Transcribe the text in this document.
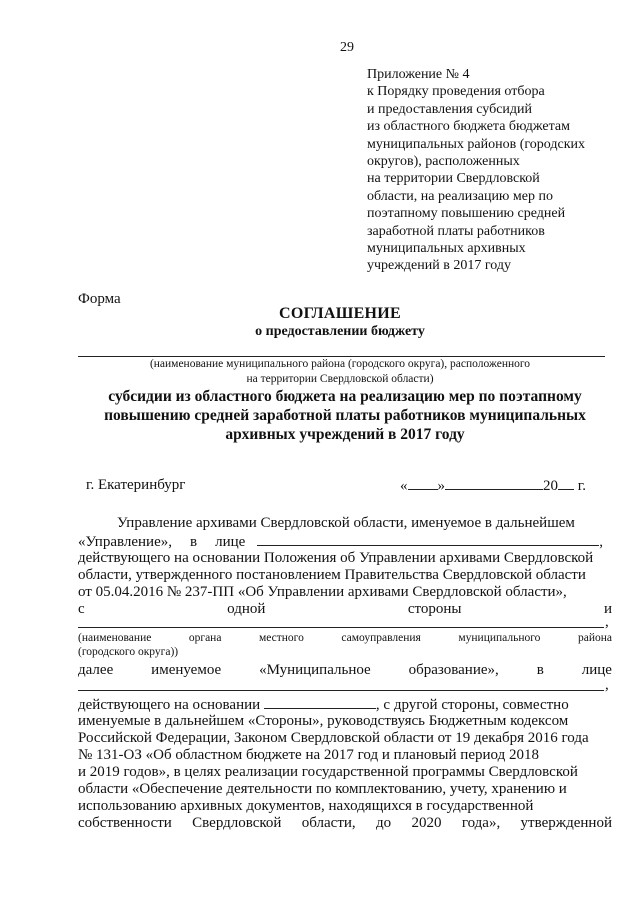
29
Приложение № 4
к Порядку проведения отбора
и предоставления субсидий
из областного бюджета бюджетам
муниципальных районов (городских
округов), расположенных
на территории Свердловской
области, на реализацию мер по
поэтапному повышению средней
заработной платы работников
муниципальных архивных
учреждений в 2017 году
Форма
СОГЛАШЕНИЕ
о предоставлении бюджету
(наименование муниципального района (городского округа), расположенного
на территории Свердловской области)
субсидии из областного бюджета на реализацию мер по поэтапному
повышению средней заработной платы работников муниципальных
архивных учреждений в 2017 году
г. Екатеринбург	« »	20 г.
Управление архивами Свердловской области, именуемое в дальнейшем
«Управление», в лице	,
действующего на основании Положения об Управлении архивами Свердловской
области, утвержденного постановлением Правительства Свердловской области
от 05.04.2016 № 237-ПП «Об Управлении архивами Свердловской области»,
с	одной	стороны	и
,
(наименование	органа	местного	самоуправления	муниципального	района
(городского округа))
далее	именуемое	«Муниципальное	образование»,	в	лице
,
действующего на основании	, с другой стороны, совместно
именуемые в дальнейшем «Стороны», руководствуясь Бюджетным кодексом
Российской Федерации, Законом Свердловской области от 19 декабря 2016 года
№ 131-ОЗ «Об областном бюджете на 2017 год и плановый период 2018
и 2019 годов», в целях реализации государственной программы Свердловской
области «Обеспечение деятельности по комплектованию, учету, хранению и
использованию архивных документов, находящихся в государственной
собственности Свердловской области, до 2020 года», утвержденной
